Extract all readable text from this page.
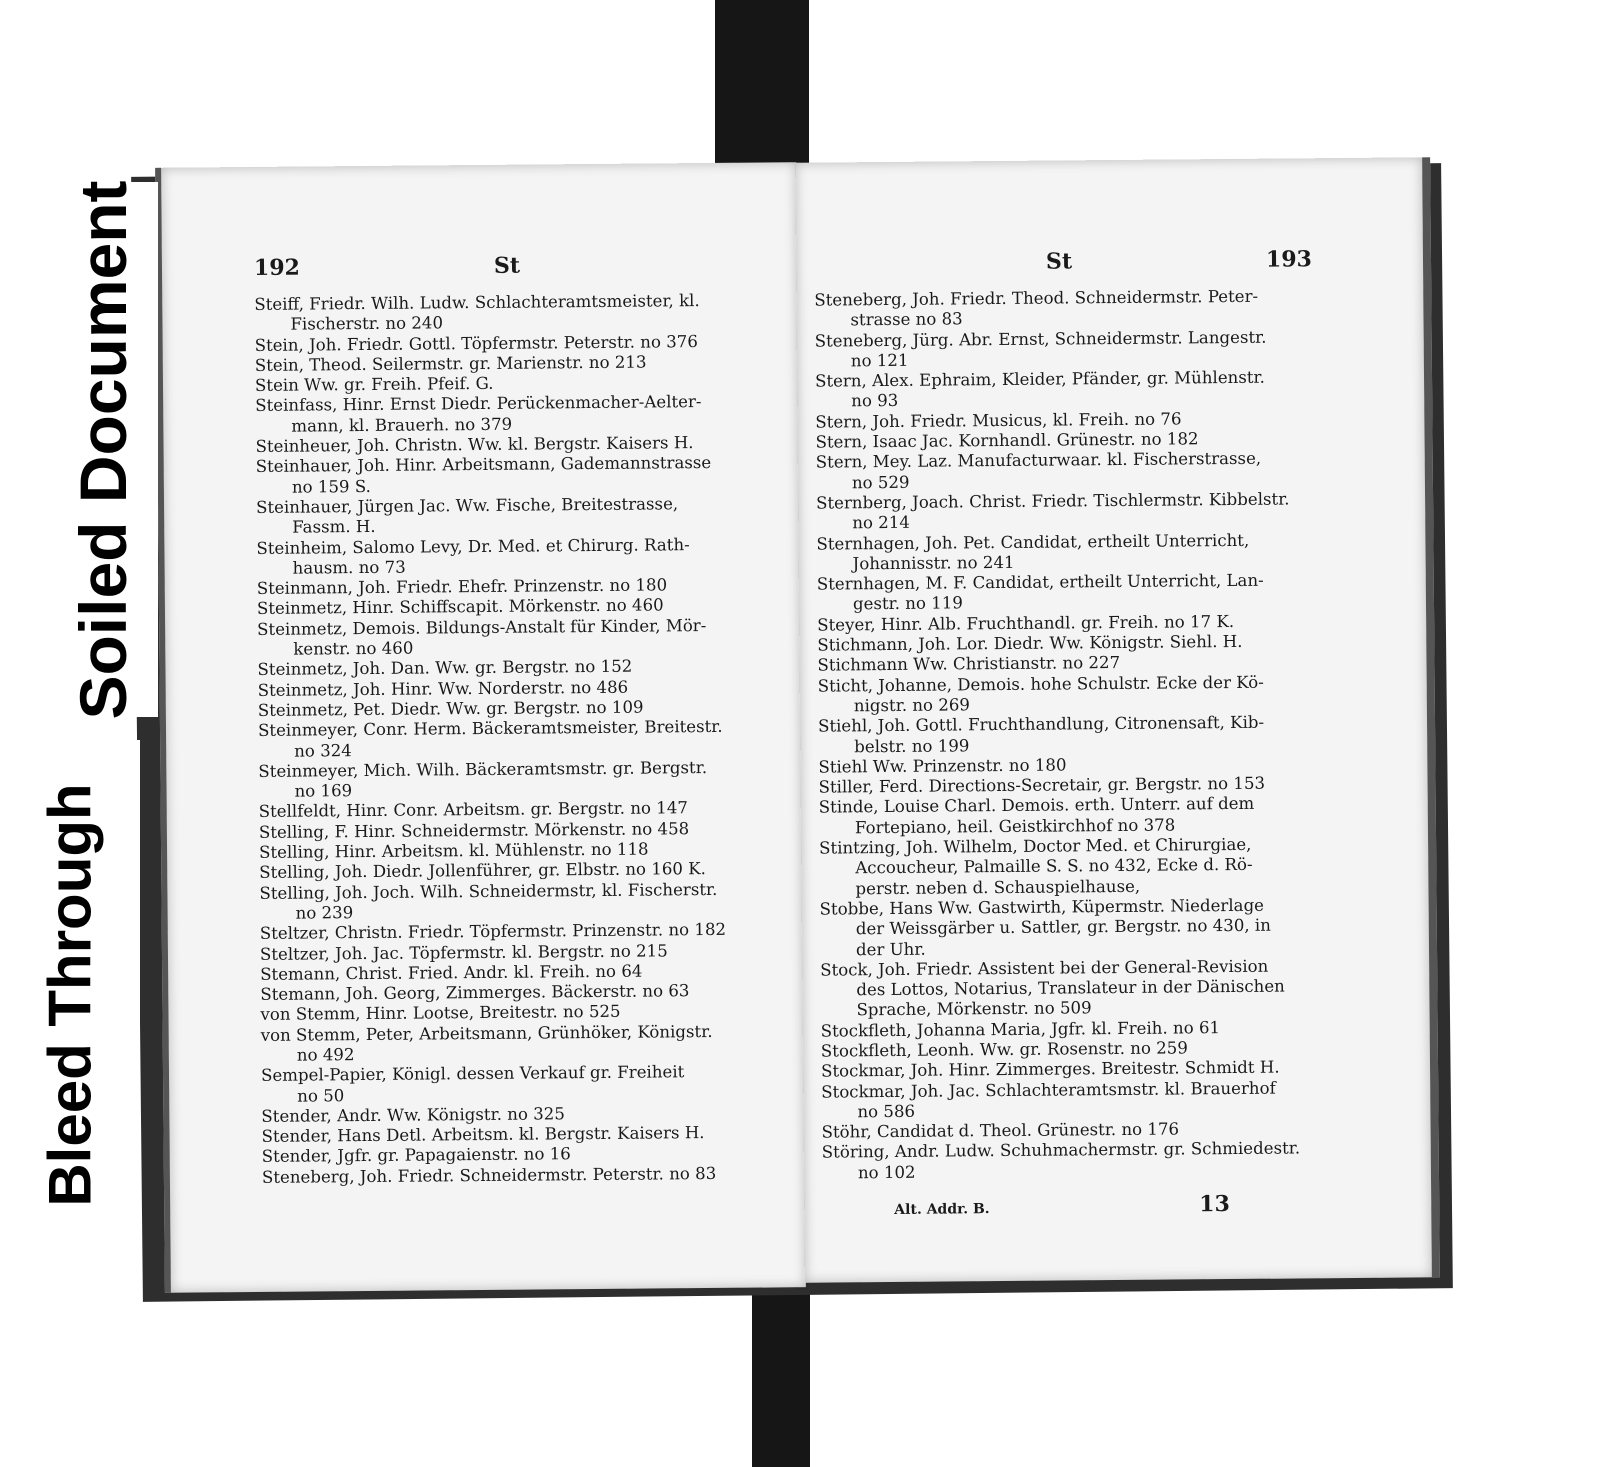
192	St
Steiff, Friedr. Wilh. Ludw. Schlachteramtsmeister, kl.
Fischerstr. no 240
Stein, Joh. Friedr. Gottl. Töpfermstr. Peterstr. no 376
Stein, Theod. Seilermstr. gr. Marienstr. no 213
Stein Ww. gr. Freih. Pfeif. G.
Steinfass, Hinr. Ernst Diedr. Perückenmacher-Aelter-
mann, kl. Brauerh. no 379
Steinheuer, Joh. Christn. Ww. kl. Bergstr. Kaisers H.
Steinhauer, Joh. Hinr. Arbeitsmann, Gademannstrasse
no 159 S.
Steinhauer, Jürgen Jac. Ww. Fische, Breitestrasse,
Fassm. H.
Steinheim, Salomo Levy, Dr. Med. et Chirurg. Rath-
hausm. no 73
Steinmann, Joh. Friedr. Ehefr. Prinzenstr. no 180
Steinmetz, Hinr. Schiffscapit. Mörkenstr. no 460
Steinmetz, Demois. Bildungs-Anstalt für Kinder, Mör-
kenstr. no 460
Steinmetz, Joh. Dan. Ww. gr. Bergstr. no 152
Steinmetz, Joh. Hinr. Ww. Norderstr. no 486
Steinmetz, Pet. Diedr. Ww. gr. Bergstr. no 109
Steinmeyer, Conr. Herm. Bäckeramtsmeister, Breitestr.
no 324
Steinmeyer, Mich. Wilh. Bäckeramtsmstr. gr. Bergstr.
no 169
Stellfeldt, Hinr. Conr. Arbeitsm. gr. Bergstr. no 147
Stelling, F. Hinr. Schneidermstr. Mörkenstr. no 458
Stelling, Hinr. Arbeitsm. kl. Mühlenstr. no 118
Stelling, Joh. Diedr. Jollenführer, gr. Elbstr. no 160 K.
Stelling, Joh. Joch. Wilh. Schneidermstr, kl. Fischerstr.
no 239
Steltzer, Christn. Friedr. Töpfermstr. Prinzenstr. no 182
Steltzer, Joh. Jac. Töpfermstr. kl. Bergstr. no 215
Stemann, Christ. Fried. Andr. kl. Freih. no 64
Stemann, Joh. Georg, Zimmerges. Bäckerstr. no 63
von Stemm, Hinr. Lootse, Breitestr. no 525
von Stemm, Peter, Arbeitsmann, Grünhöker, Königstr.
no 492
Sempel-Papier, Königl. dessen Verkauf gr. Freiheit
no 50
Stender, Andr. Ww. Königstr. no 325
Stender, Hans Detl. Arbeitsm. kl. Bergstr. Kaisers H.
Stender, Jgfr. gr. Papagaienstr. no 16
Steneberg, Joh. Friedr. Schneidermstr. Peterstr. no 83
St	193
Steneberg, Joh. Friedr. Theod. Schneidermstr. Peter-
strasse no 83
Steneberg, Jürg. Abr. Ernst, Schneidermstr. Langestr.
no 121
Stern, Alex. Ephraim, Kleider, Pfänder, gr. Mühlenstr.
no 93
Stern, Joh. Friedr. Musicus, kl. Freih. no 76
Stern, Isaac Jac. Kornhandl. Grünestr. no 182
Stern, Mey. Laz. Manufacturwaar. kl. Fischerstrasse,
no 529
Sternberg, Joach. Christ. Friedr. Tischlermstr. Kibbelstr.
no 214
Sternhagen, Joh. Pet. Candidat, ertheilt Unterricht,
Johannisstr. no 241
Sternhagen, M. F. Candidat, ertheilt Unterricht, Lan-
gestr. no 119
Steyer, Hinr. Alb. Fruchthandl. gr. Freih. no 17 K.
Stichmann, Joh. Lor. Diedr. Ww. Königstr. Siehl. H.
Stichmann Ww. Christianstr. no 227
Sticht, Johanne, Demois. hohe Schulstr. Ecke der Kö-
nigstr. no 269
Stiehl, Joh. Gottl. Fruchthandlung, Citronensaft, Kib-
belstr. no 199
Stiehl Ww. Prinzenstr. no 180
Stiller, Ferd. Directions-Secretair, gr. Bergstr. no 153
Stinde, Louise Charl. Demois. erth. Unterr. auf dem
Fortepiano, heil. Geistkirchhof no 378
Stintzing, Joh. Wilhelm, Doctor Med. et Chirurgiae,
Accoucheur, Palmaille S. S. no 432, Ecke d. Rö-
perstr. neben d. Schauspielhause,
Stobbe, Hans Ww. Gastwirth, Küpermstr. Niederlage
der Weissgärber u. Sattler, gr. Bergstr. no 430, in
der Uhr.
Stock, Joh. Friedr. Assistent bei der General-Revision
des Lottos, Notarius, Translateur in der Dänischen
Sprache, Mörkenstr. no 509
Stockfleth, Johanna Maria, Jgfr. kl. Freih. no 61
Stockfleth, Leonh. Ww. gr. Rosenstr. no 259
Stockmar, Joh. Hinr. Zimmerges. Breitestr. Schmidt H.
Stockmar, Joh. Jac. Schlachteramtsmstr. kl. Brauerhof
no 586
Stöhr, Candidat d. Theol. Grünestr. no 176
Störing, Andr. Ludw. Schuhmachermstr. gr. Schmiedestr.
no 102
Alt. Addr. B.	13
Soiled Document
Bleed Through
